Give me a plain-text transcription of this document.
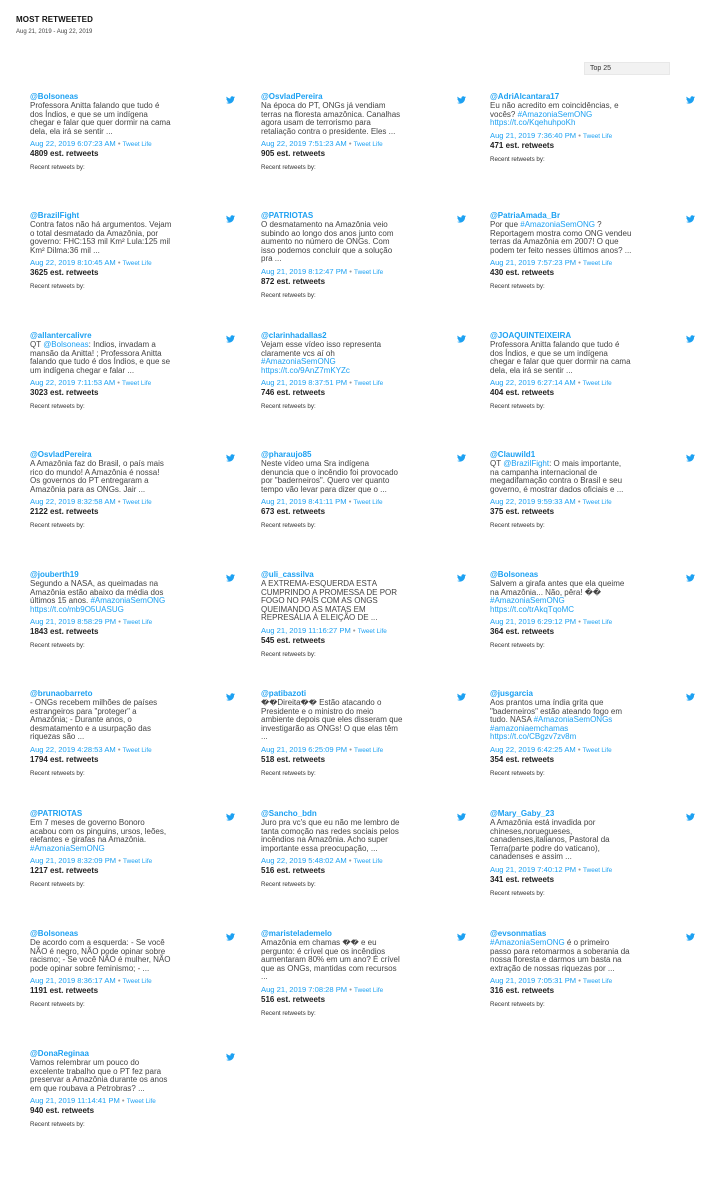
MOST RETWEETED
Aug 21, 2019 - Aug 22, 2019
Top 25
@Bolsoneas
Professora Anitta falando que tudo é
dos Índios, e que se um indígena
chegar e falar que quer dormir na cama
dela, ela irá se sentir ...
Aug 22, 2019 6:07:23 AM • Tweet Life
4809 est. retweets
Recent retweets by:
@BrazilFight
Contra fatos não há argumentos. Vejam
o total desmatado da Amazônia, por
governo: FHC:153 mil Km² Lula:125 mil
Km² Dilma:36 mil ...
Aug 22, 2019 8:10:45 AM • Tweet Life
3625 est. retweets
Recent retweets by:
@allantercalivre
QT @Bolsoneas: Índios, invadam a
mansão da Anitta! ; Professora Anitta
falando que tudo é dos Índios, e que se
um indígena chegar e falar ...
Aug 22, 2019 7:11:53 AM • Tweet Life
3023 est. retweets
Recent retweets by:
@OsvladPereira
A Amazônia faz do Brasil, o país mais
rico do mundo! A Amazônia é nossa!
Os governos do PT entregaram a
Amazônia para as ONGs. Jair ...
Aug 22, 2019 8:32:58 AM • Tweet Life
2122 est. retweets
Recent retweets by:
@jouberth19
Segundo a NASA, as queimadas na
Amazônia estão abaixo da média dos
últimos 15 anos. #AmazoniaSemONG
https://t.co/mb9O5UASUG
Aug 21, 2019 8:58:29 PM • Tweet Life
1843 est. retweets
Recent retweets by:
@brunaobarreto
- ONGs recebem milhões de países
estrangeiros para "proteger" a
Amazônia; - Durante anos, o
desmatamento e a usurpação das
riquezas são ...
Aug 22, 2019 4:28:53 AM • Tweet Life
1794 est. retweets
Recent retweets by:
@PATRIOTAS
Em 7 meses de governo Bonoro
acabou com os pinguins, ursos, leões,
elefantes e girafas na Amazônia.
#AmazoniaSemONG
Aug 21, 2019 8:32:09 PM • Tweet Life
1217 est. retweets
Recent retweets by:
@Bolsoneas
De acordo com a esquerda: - Se você
NÃO é negro, NÃO pode opinar sobre
racismo; - Se você NÃO é mulher, NÃO
pode opinar sobre feminismo; - ...
Aug 21, 2019 8:36:17 AM • Tweet Life
1191 est. retweets
Recent retweets by:
@DonaReginaa
Vamos relembrar um pouco do
excelente trabalho que o PT fez para
preservar a Amazônia durante os anos
em que roubava a Petrobras? ...
Aug 21, 2019 11:14:41 PM • Tweet Life
940 est. retweets
Recent retweets by:
@OsvladPereira
Na época do PT, ONGs já vendiam
terras na floresta amazônica. Canalhas
agora usam de terrorismo para
retaliação contra o presidente. Eles ...
Aug 22, 2019 7:51:23 AM • Tweet Life
905 est. retweets
Recent retweets by:
@PATRIOTAS
O desmatamento na Amazônia veio
subindo ao longo dos anos junto com
aumento no número de ONGs. Com
isso podemos concluir que a solução
pra ...
Aug 21, 2019 8:12:47 PM • Tweet Life
872 est. retweets
Recent retweets by:
@clarinhadallas2
Vejam esse vídeo isso representa
claramente vcs aí oh
#AmazoniaSemONG
https://t.co/9AnZ7mKYZc
Aug 21, 2019 8:37:51 PM • Tweet Life
746 est. retweets
Recent retweets by:
@pharaujo85
Neste vídeo uma Sra indígena
denuncia que o incêndio foi provocado
por "baderneiros". Quero ver quanto
tempo vão levar para dizer que o ...
Aug 21, 2019 8:41:11 PM • Tweet Life
673 est. retweets
Recent retweets by:
@uli_cassilva
A EXTREMA-ESQUERDA ESTÁ
CUMPRINDO A PROMESSA DE POR
FOGO NO PAÍS COM AS ONGS
QUEIMANDO AS MATAS EM
REPRESÁLIA À ELEIÇÃO DE ...
Aug 21, 2019 11:16:27 PM • Tweet Life
545 est. retweets
Recent retweets by:
@patibazoti
��Direita�� Estão atacando o
Presidente e o ministro do meio
ambiente depois que eles disseram que
investigarão as ONGs! O que elas têm
...
Aug 21, 2019 6:25:09 PM • Tweet Life
518 est. retweets
Recent retweets by:
@Sancho_bdn
Juro pra vc's que eu não me lembro de
tanta comoção nas redes sociais pelos
incêndios na Amazônia. Acho super
importante essa preocupação, ...
Aug 22, 2019 5:48:02 AM • Tweet Life
516 est. retweets
Recent retweets by:
@maristelademelo
Amazônia em chamas �� e eu
pergunto: é crível que os incêndios
aumentaram 80% em um ano? É crível
que as ONGs, mantidas com recursos
...
Aug 21, 2019 7:08:28 PM • Tweet Life
516 est. retweets
Recent retweets by:
@AdriAlcantara17
Eu não acredito em coincidências, e
vocês? #AmazoniaSemONG
https://t.co/KqehuhpoKh
Aug 21, 2019 7:36:40 PM • Tweet Life
471 est. retweets
Recent retweets by:
@PatriaAmada_Br
Por que #AmazoniaSemONG ?
Reportagem mostra como ONG vendeu
terras da Amazônia em 2007! O que
podem ter feito nesses últimos anos? ...
Aug 21, 2019 7:57:23 PM • Tweet Life
430 est. retweets
Recent retweets by:
@JOAQUINTEIXEIRA
Professora Anitta falando que tudo é
dos Índios, e que se um indígena
chegar e falar que quer dormir na cama
dela, ela irá se sentir ...
Aug 22, 2019 6:27:14 AM • Tweet Life
404 est. retweets
Recent retweets by:
@Clauwild1
QT @BrazilFight: O mais importante,
na campanha internacional de
megadifamação contra o Brasil e seu
governo, é mostrar dados oficiais e ...
Aug 22, 2019 9:59:33 AM • Tweet Life
375 est. retweets
Recent retweets by:
@Bolsoneas
Salvem a girafa antes que ela queime
na Amazônia... Não, pêra! ��
#AmazoniaSemONG
https://t.co/trAkqTqoMC
Aug 21, 2019 6:29:12 PM • Tweet Life
364 est. retweets
Recent retweets by:
@jusgarcia
Aos prantos uma índia grita que
"baderneiros" estão ateando fogo em
tudo. NASA #AmazoniaSemONGs
#amazoniaemchamas
https://t.co/CBgzv7zv8m
Aug 22, 2019 6:42:25 AM • Tweet Life
354 est. retweets
Recent retweets by:
@Mary_Gaby_23
A Amazônia está invadida por
chineses,noruegueses,
canadenses,italianos, Pastoral da
Terra(parte podre do vaticano),
canadenses e assim ...
Aug 21, 2019 7:40:12 PM • Tweet Life
341 est. retweets
Recent retweets by:
@evsonmatias
#AmazoniaSemONG é o primeiro
passo para retomarmos a soberania da
nossa floresta e darmos um basta na
extração de nossas riquezas por ...
Aug 21, 2019 7:05:31 PM • Tweet Life
316 est. retweets
Recent retweets by:
